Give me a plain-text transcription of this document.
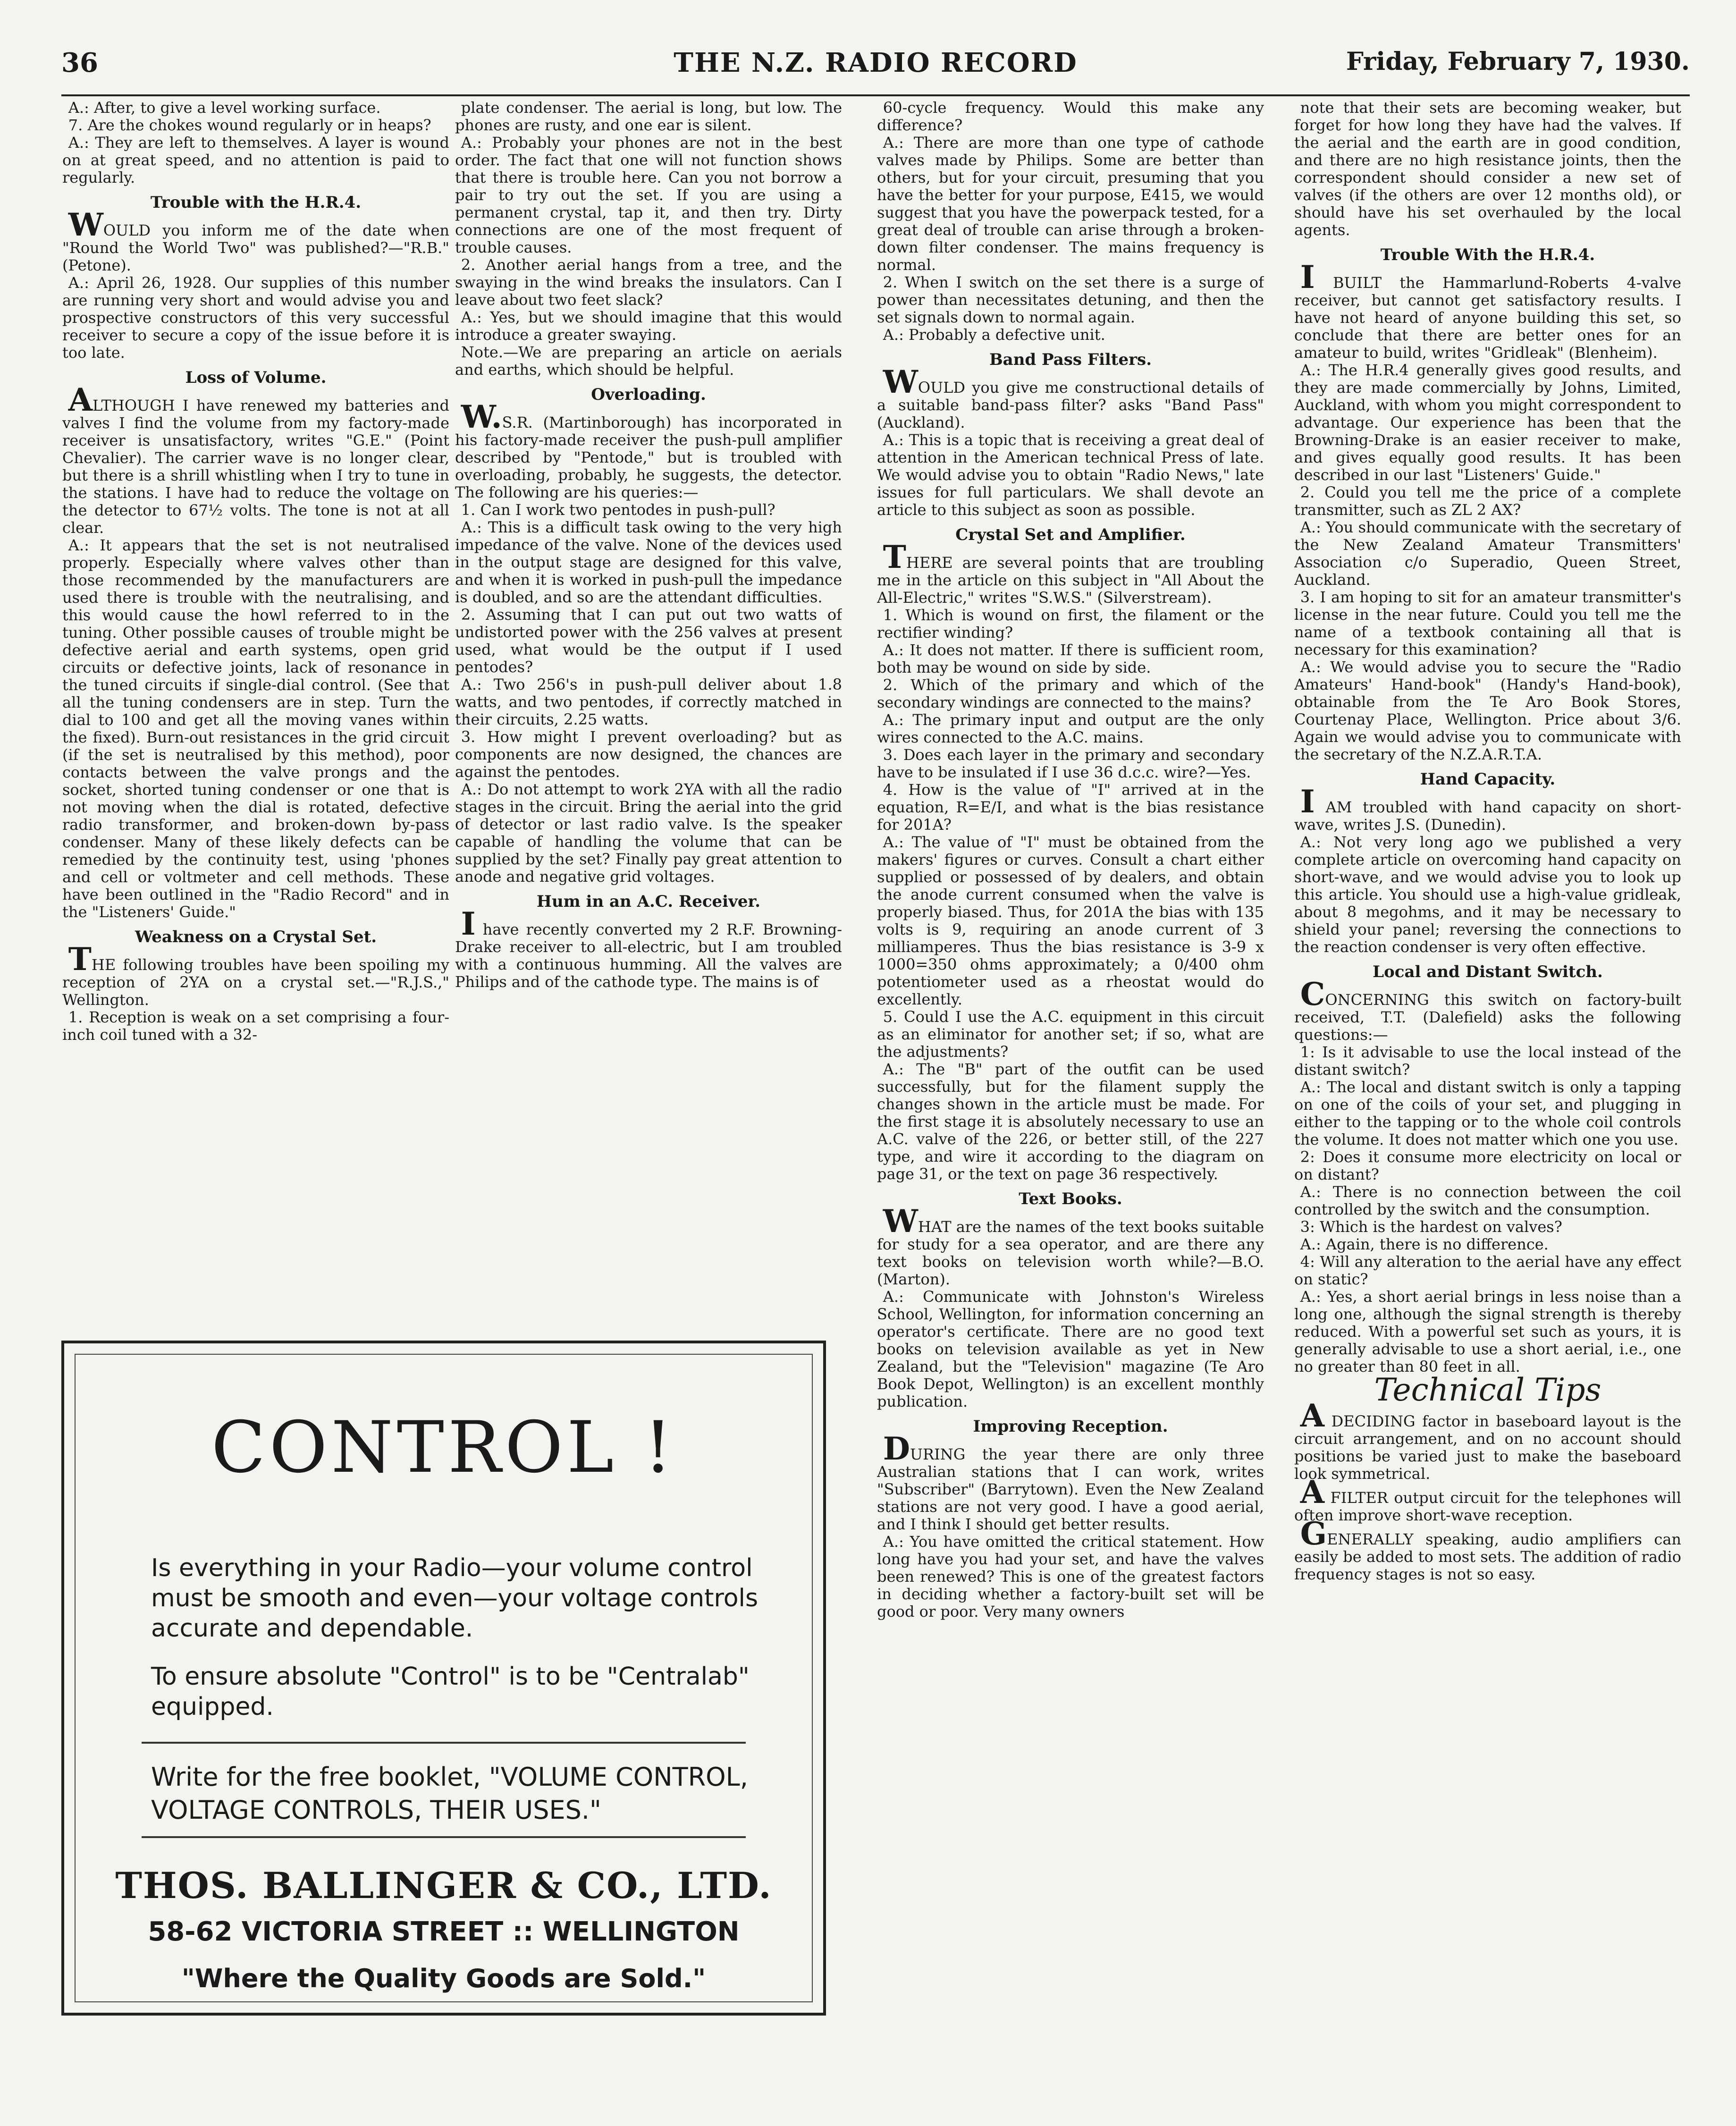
36	THE N.Z. RADIO RECORD	Friday, February 7, 1930.

A.: After, to give a level working surface.

7. Are the chokes wound regularly or in heaps?

A.: They are left to themselves. A layer is wound on at great speed, and no attention is paid to regularly.

Trouble with the H.R.4.

WOULD you inform me of the date when "Round the World Two" was published?—"R.B." (Petone).

A.: April 26, 1928. Our supplies of this number are running very short and would advise you and prospective constructors of this very successful receiver to secure a copy of the issue before it is too late.

Loss of Volume.

ALTHOUGH I have renewed my batteries and valves I find the volume from my factory-made receiver is unsatisfactory, writes "G.E." (Point Chevalier). The carrier wave is no longer clear, but there is a shrill whistling when I try to tune in the stations. I have had to reduce the voltage on the detector to 67½ volts. The tone is not at all clear.

A.: It appears that the set is not neutralised properly. Especially where valves other than those recommended by the manufacturers are used there is trouble with the neutralising, and this would cause the howl referred to in the tuning. Other possible causes of trouble might be defective aerial and earth systems, open grid circuits or defective joints, lack of resonance in the tuned circuits if single-dial control. (See that all the tuning condensers are in step. Turn the dial to 100 and get all the moving vanes within the fixed). Burn-out resistances in the grid circuit (if the set is neutralised by this method), poor contacts between the valve prongs and the socket, shorted tuning condenser or one that is not moving when the dial is rotated, defective radio transformer, and broken-down by-pass condenser. Many of these likely defects can be remedied by the continuity test, using 'phones and cell or voltmeter and cell methods. These have been outlined in the "Radio Record" and in the "Listeners' Guide."

Weakness on a Crystal Set.

THE following troubles have been spoiling my reception of 2YA on a crystal set.—"R.J.S.," Wellington.

1. Reception is weak on a set comprising a four-inch coil tuned with a 32-

plate condenser. The aerial is long, but low. The phones are rusty, and one ear is silent.

A.: Probably your phones are not in the best order. The fact that one will not function shows that there is trouble here. Can you not borrow a pair to try out the set. If you are using a permanent crystal, tap it, and then try. Dirty connections are one of the most frequent of trouble causes.

2. Another aerial hangs from a tree, and the swaying in the wind breaks the insulators. Can I leave about two feet slack?

A.: Yes, but we should imagine that this would introduce a greater swaying.

Note.—We are preparing an article on aerials and earths, which should be helpful.

Overloading.

W.S.R. (Martinborough) has incorporated in his factory-made receiver the push-pull amplifier described by "Pentode," but is troubled with overloading, probably, he suggests, the detector. The following are his queries:—

1. Can I work two pentodes in push-pull?

A.: This is a difficult task owing to the very high impedance of the valve. None of the devices used in the output stage are designed for this valve, and when it is worked in push-pull the impedance is doubled, and so are the attendant difficulties.

2. Assuming that I can put out two watts of undistorted power with the 256 valves at present used, what would be the output if I used pentodes?

A.: Two 256's in push-pull deliver about 1.8 watts, and two pentodes, if correctly matched in their circuits, 2.25 watts.

3. How might I prevent overloading? but as components are now designed, the chances are against the pentodes.

A.: Do not attempt to work 2YA with all the radio stages in the circuit. Bring the aerial into the grid of detector or last radio valve. Is the speaker capable of handling the volume that can be supplied by the set? Finally pay great attention to anode and negative grid voltages.

Hum in an A.C. Receiver.

I have recently converted my 2 R.F. Browning-Drake receiver to all-electric, but I am troubled with a continuous humming. All the valves are Philips and of the cathode type. The mains is of

60-cycle frequency. Would this make any difference?

A.: There are more than one type of cathode valves made by Philips. Some are better than others, but for your circuit, presuming that you have the better for your purpose, E415, we would suggest that you have the powerpack tested, for a great deal of trouble can arise through a broken-down filter condenser. The mains frequency is normal.

2. When I switch on the set there is a surge of power than necessitates detuning, and then the set signals down to normal again.

A.: Probably a defective unit.

Band Pass Filters.

WOULD you give me constructional details of a suitable band-pass filter? asks "Band Pass" (Auckland).

A.: This is a topic that is receiving a great deal of attention in the American technical Press of late. We would advise you to obtain "Radio News," late issues for full particulars. We shall devote an article to this subject as soon as possible.

Crystal Set and Amplifier.

THERE are several points that are troubling me in the article on this subject in "All About the All-Electric," writes "S.W.S." (Silverstream).

1. Which is wound on first, the filament or the rectifier winding?

A.: It does not matter. If there is sufficient room, both may be wound on side by side.

2. Which of the primary and which of the secondary windings are connected to the mains?

A.: The primary input and output are the only wires connected to the A.C. mains.

3. Does each layer in the primary and secondary have to be insulated if I use 36 d.c.c. wire?—Yes.

4. How is the value of "I" arrived at in the equation, R=E/I, and what is the bias resistance for 201A?

A.: The value of "I" must be obtained from the makers' figures or curves. Consult a chart either supplied or possessed of by dealers, and obtain the anode current consumed when the valve is properly biased. Thus, for 201A the bias with 135 volts is 9, requiring an anode current of 3 milliamperes. Thus the bias resistance is 3-9 x 1000=350 ohms approximately; a 0/400 ohm potentiometer used as a rheostat would do excellently.

5. Could I use the A.C. equipment in this circuit as an eliminator for another set; if so, what are the adjustments?

A.: The "B" part of the outfit can be used successfully, but for the filament supply the changes shown in the article must be made. For the first stage it is absolutely necessary to use an A.C. valve of the 226, or better still, of the 227 type, and wire it according to the diagram on page 31, or the text on page 36 respectively.

Text Books.

WHAT are the names of the text books suitable for study for a sea operator, and are there any text books on television worth while?—B.O. (Marton).

A.: Communicate with Johnston's Wireless School, Wellington, for information concerning an operator's certificate. There are no good text books on television available as yet in New Zealand, but the "Television" magazine (Te Aro Book Depot, Wellington) is an excellent monthly publication.

Improving Reception.

DURING the year there are only three Australian stations that I can work, writes "Subscriber" (Barrytown). Even the New Zealand stations are not very good. I have a good aerial, and I think I should get better results.

A.: You have omitted the critical statement. How long have you had your set, and have the valves been renewed? This is one of the greatest factors in deciding whether a factory-built set will be good or poor. Very many owners

note that their sets are becoming weaker, but forget for how long they have had the valves. If the aerial and the earth are in good condition, and there are no high resistance joints, then the correspondent should consider a new set of valves (if the others are over 12 months old), or should have his set overhauled by the local agents.

Trouble With the H.R.4.

I BUILT the Hammarlund-Roberts 4-valve receiver, but cannot get satisfactory results. I have not heard of anyone building this set, so conclude that there are better ones for an amateur to build, writes "Gridleak" (Blenheim).

A.: The H.R.4 generally gives good results, and they are made commercially by Johns, Limited, Auckland, with whom you might correspondent to advantage. Our experience has been that the Browning-Drake is an easier receiver to make, and gives equally good results. It has been described in our last "Listeners' Guide."

2. Could you tell me the price of a complete transmitter, such as ZL 2 AX?

A.: You should communicate with the secretary of the New Zealand Amateur Transmitters' Association c/o Superadio, Queen Street, Auckland.

3. I am hoping to sit for an amateur transmitter's license in the near future. Could you tell me the name of a textbook containing all that is necessary for this examination?

A.: We would advise you to secure the "Radio Amateurs' Hand-book" (Handy's Hand-book), obtainable from the Te Aro Book Stores, Courtenay Place, Wellington. Price about 3/6. Again we would advise you to communicate with the secretary of the N.Z.A.R.T.A.

Hand Capacity.

I AM troubled with hand capacity on short-wave, writes J.S. (Dunedin).

A.: Not very long ago we published a very complete article on overcoming hand capacity on short-wave, and we would advise you to look up this article. You should use a high-value gridleak, about 8 megohms, and it may be necessary to shield your panel; reversing the connections to the reaction condenser is very often effective.

Local and Distant Switch.

CONCERNING this switch on factory-built received, T.T. (Dalefield) asks the following questions:—

1: Is it advisable to use the local instead of the distant switch?

A.: The local and distant switch is only a tapping on one of the coils of your set, and plugging in either to the tapping or to the whole coil controls the volume. It does not matter which one you use.

2: Does it consume more electricity on local or on distant?

A.: There is no connection between the coil controlled by the switch and the consumption.

3: Which is the hardest on valves?

A.: Again, there is no difference.

4: Will any alteration to the aerial have any effect on static?

A.: Yes, a short aerial brings in less noise than a long one, although the signal strength is thereby reduced. With a powerful set such as yours, it is generally advisable to use a short aerial, i.e., one no greater than 80 feet in all.

Technical Tips

A DECIDING factor in baseboard layout is the circuit arrangement, and on no account should positions be varied just to make the baseboard look symmetrical.

A FILTER output circuit for the telephones will often improve short-wave reception.

GENERALLY speaking, audio amplifiers can easily be added to most sets. The addition of radio frequency stages is not so easy.

CONTROL !
Is everything in your Radio—your volume control must be smooth and even—your voltage controls accurate and dependable.
To ensure absolute "Control" is to be "Centralab" equipped.
Write for the free booklet, "VOLUME CONTROL, VOLTAGE CONTROLS, THEIR USES."
THOS. BALLINGER & CO., LTD.
58-62 VICTORIA STREET :: WELLINGTON
"Where the Quality Goods are Sold."
